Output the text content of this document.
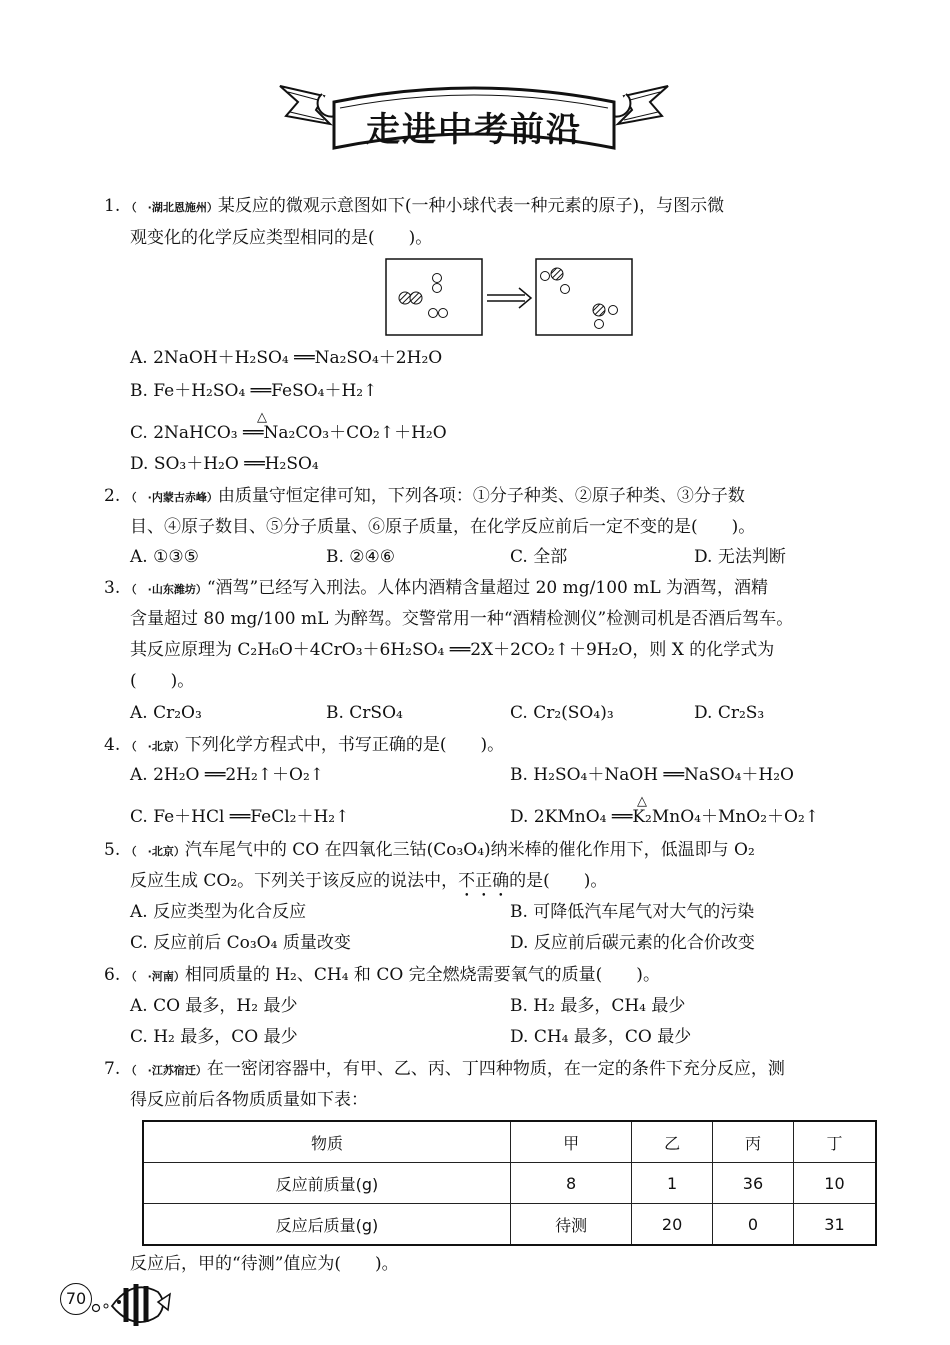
走进中考前沿
1. （　·湖北恩施州）某反应的微观示意图如下(一种小球代表一种元素的原子)，与图示微
观变化的化学反应类型相同的是(　　)。
A. 2NaOH＋H₂SO₄ ══Na₂SO₄＋2H₂O
B. Fe＋H₂SO₄ ══FeSO₄＋H₂↑
△
C. 2NaHCO₃ ══Na₂CO₃＋CO₂↑＋H₂O
D. SO₃＋H₂O ══H₂SO₄
2. （　·内蒙古赤峰）由质量守恒定律可知，下列各项：①分子种类、②原子种类、③分子数
目、④原子数目、⑤分子质量、⑥原子质量，在化学反应前后一定不变的是(　　)。
A. ①③⑤	B. ②④⑥	C. 全部	D. 无法判断
3. （　·山东潍坊）“酒驾”已经写入刑法。人体内酒精含量超过 20 mg/100 mL 为酒驾，酒精
含量超过 80 mg/100 mL 为醉驾。交警常用一种“酒精检测仪”检测司机是否酒后驾车。
其反应原理为 C₂H₆O＋4CrO₃＋6H₂SO₄ ══2X＋2CO₂↑＋9H₂O，则 X 的化学式为
(　　)。
A. Cr₂O₃	B. CrSO₄	C. Cr₂(SO₄)₃	D. Cr₂S₃
4. （　·北京）下列化学方程式中，书写正确的是(　　)。
A. 2H₂O ══2H₂↑＋O₂↑	B. H₂SO₄＋NaOH ══NaSO₄＋H₂O
C. Fe＋HCl ══FeCl₂＋H₂↑
△
D. 2KMnO₄ ══K₂MnO₄＋MnO₂＋O₂↑
5. （　·北京）汽车尾气中的 CO 在四氧化三钴(Co₃O₄)纳米棒的催化作用下，低温即与 O₂
反应生成 CO₂。下列关于该反应的说法中，不正确的是(　　)。
A. 反应类型为化合反应	B. 可降低汽车尾气对大气的污染
C. 反应前后 Co₃O₄ 质量改变	D. 反应前后碳元素的化合价改变
6. （　·河南）相同质量的 H₂、CH₄ 和 CO 完全燃烧需要氧气的质量(　　)。
A. CO 最多，H₂ 最少	B. H₂ 最多，CH₄ 最少
C. H₂ 最多，CO 最少	D. CH₄ 最多，CO 最少
7. （　·江苏宿迁）在一密闭容器中，有甲、乙、丙、丁四种物质，在一定的条件下充分反应，测
得反应前后各物质质量如下表：
物质	甲	乙	丙	丁
反应前质量(g)	8	1	36	10
反应后质量(g)	待测	20	0	31
反应后，甲的“待测”值应为(　　)。
70
